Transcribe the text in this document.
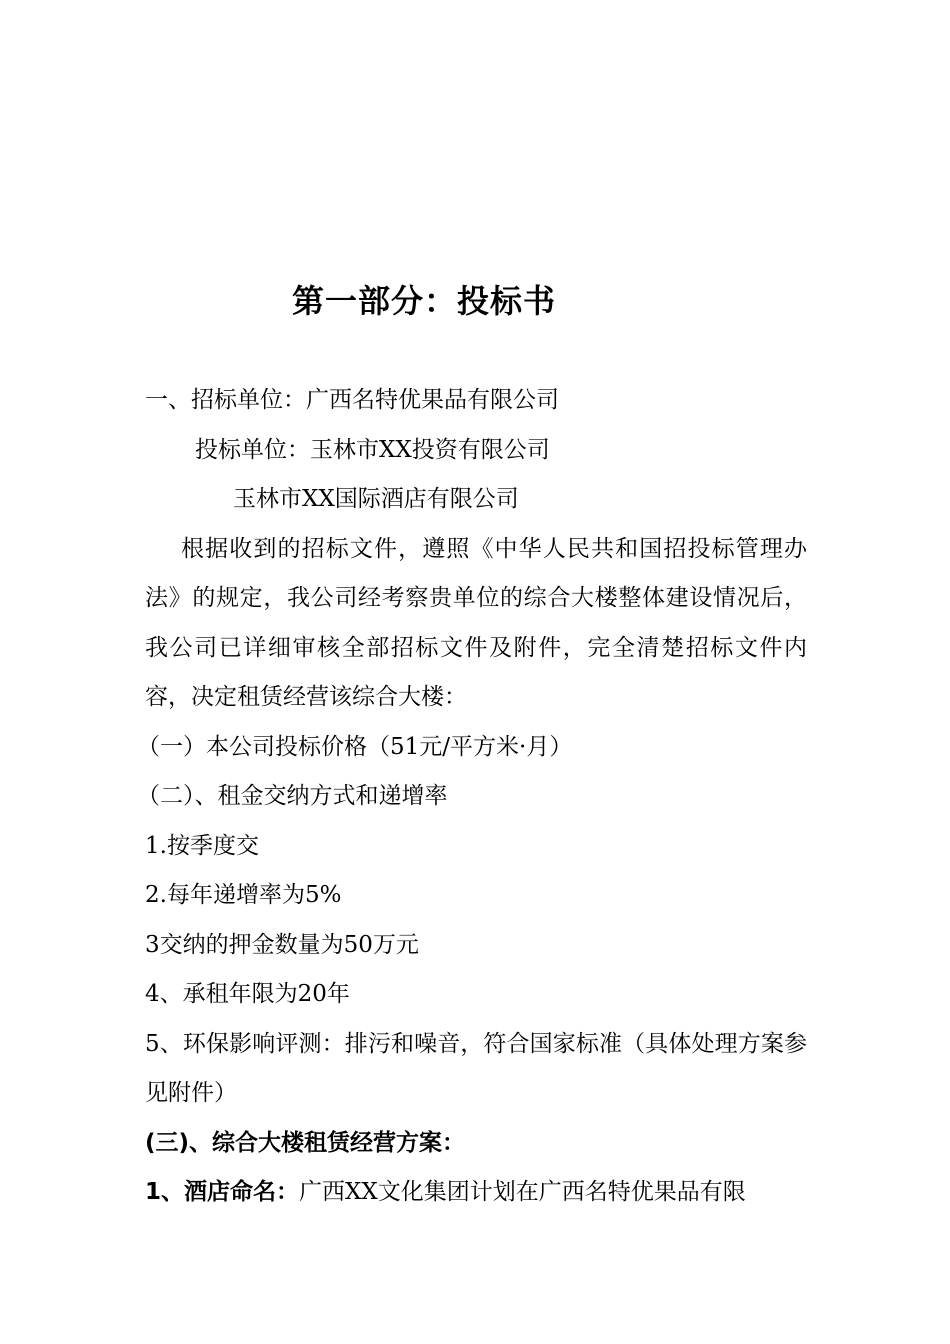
第一部分：投标书

一、招标单位：广西名特优果品有限公司

投标单位：玉林市XX投资有限公司

玉林市XX国际酒店有限公司

根据收到的招标文件，遵照《中华人民共和国招投标管理办法》的规定，我公司经考察贵单位的综合大楼整体建设情况后，我公司已详细审核全部招标文件及附件，完全清楚招标文件内容，决定租赁经营该综合大楼：

（一）本公司投标价格（51元/平方米·月）

（二）、租金交纳方式和递增率

1.按季度交

2.每年递增率为5%

3交纳的押金数量为50万元

4、承租年限为20年

5、环保影响评测：排污和噪音，符合国家标准（具体处理方案参见附件）

(三)、综合大楼租赁经营方案：

1、酒店命名：广西XX文化集团计划在广西名特优果品有限
